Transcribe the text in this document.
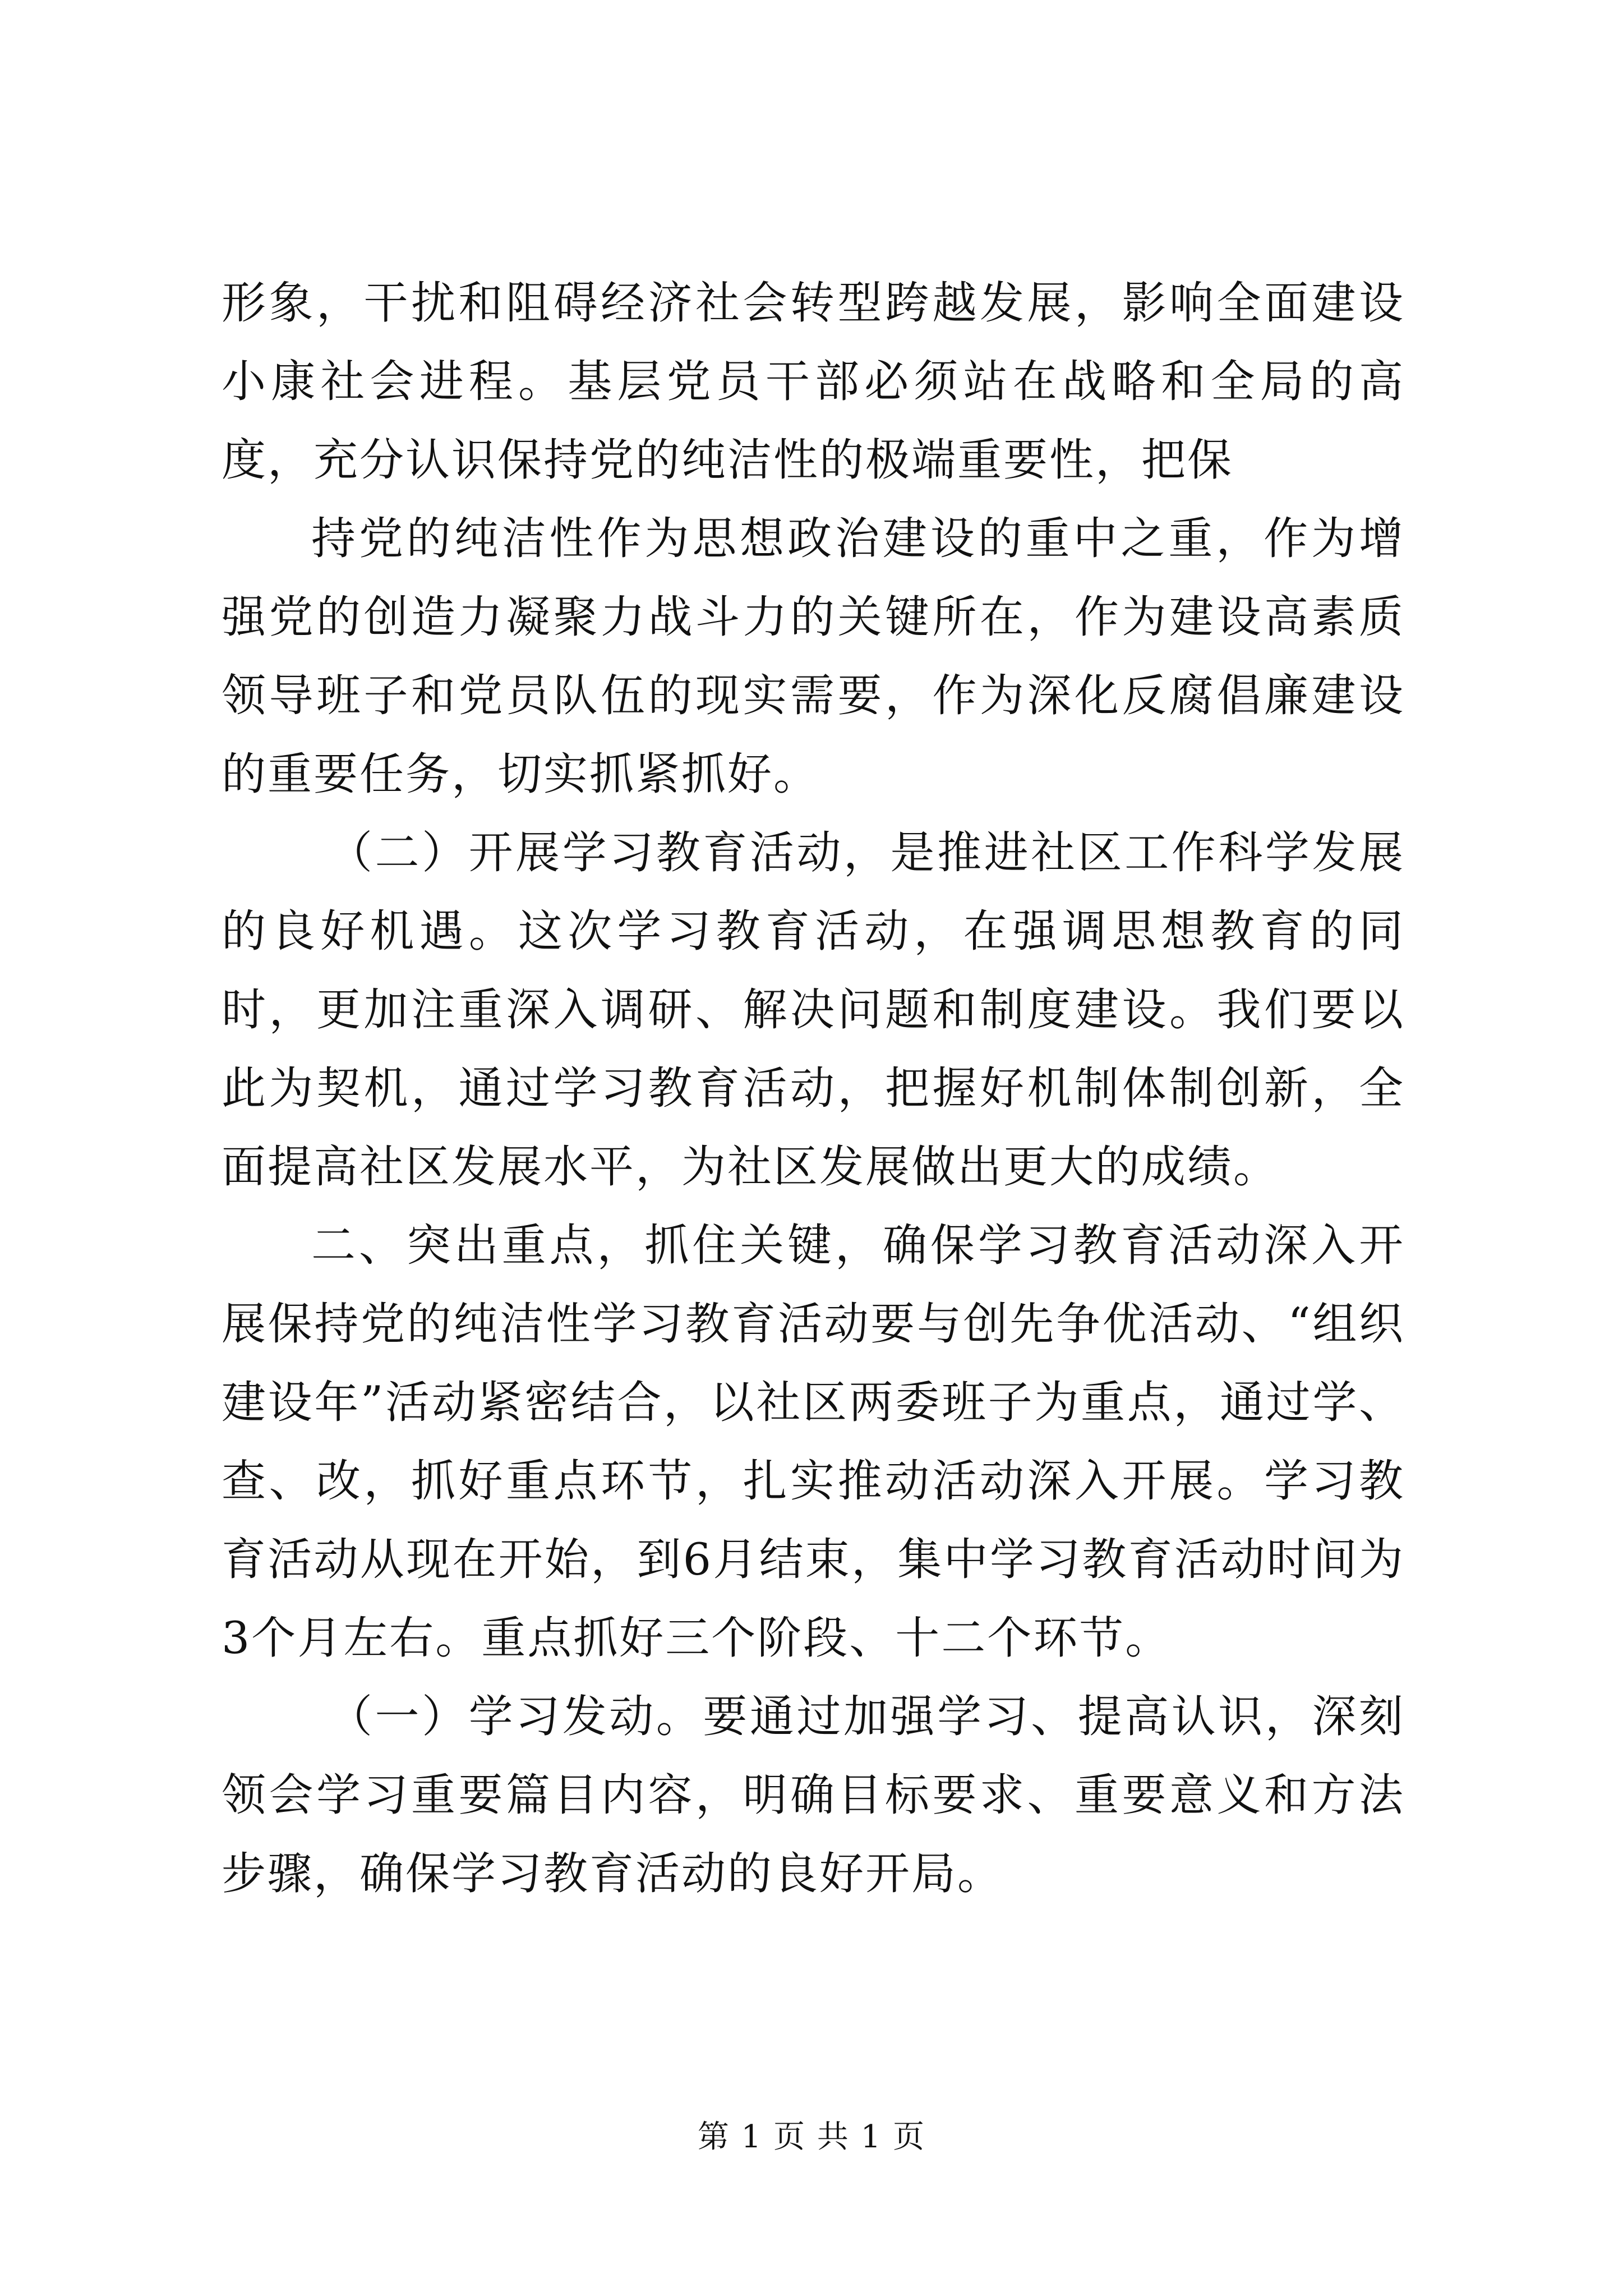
形象，干扰和阻碍经济社会转型跨越发展，影响全面建设小康社会进程。基层党员干部必须站在战略和全局的高度，充分认识保持党的纯洁性的极端重要性，把保

持党的纯洁性作为思想政治建设的重中之重，作为增强党的创造力凝聚力战斗力的关键所在，作为建设高素质领导班子和党员队伍的现实需要，作为深化反腐倡廉建设的重要任务，切实抓紧抓好。

（二）开展学习教育活动，是推进社区工作科学发展的良好机遇。这次学习教育活动，在强调思想教育的同时，更加注重深入调研、解决问题和制度建设。我们要以此为契机，通过学习教育活动，把握好机制体制创新，全面提高社区发展水平，为社区发展做出更大的成绩。

二、突出重点，抓住关键，确保学习教育活动深入开展保持党的纯洁性学习教育活动要与创先争优活动、“组织建设年”活动紧密结合，以社区两委班子为重点，通过学、查、改，抓好重点环节，扎实推动活动深入开展。学习教育活动从现在开始，到6月结束，集中学习教育活动时间为3个月左右。重点抓好三个阶段、十二个环节。

（一）学习发动。要通过加强学习、提高认识，深刻领会学习重要篇目内容，明确目标要求、重要意义和方法步骤，确保学习教育活动的良好开局。

第 1 页 共 1 页
